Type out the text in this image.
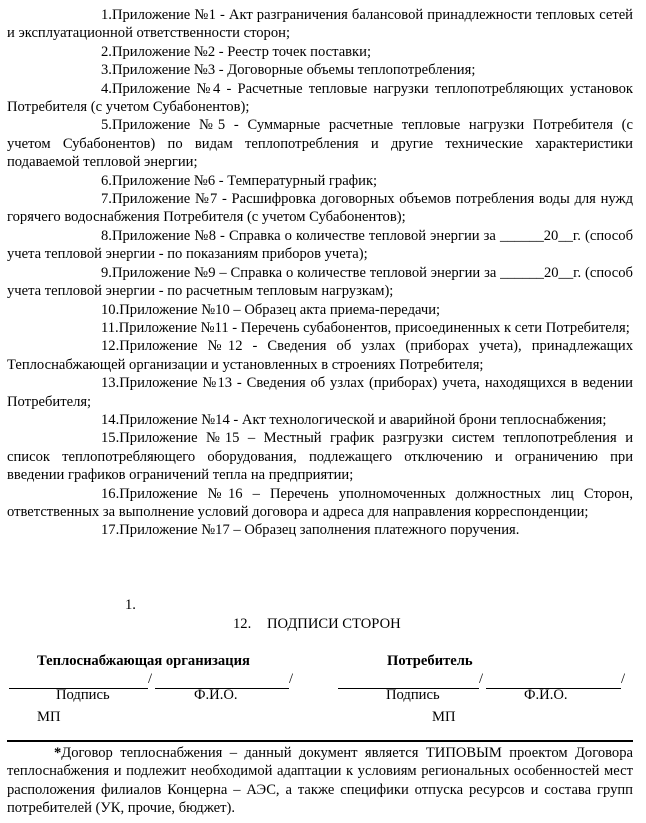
1.Приложение №1 - Акт разграничения балансовой принадлежности тепловых сетей и эксплуатационной ответственности сторон;

2.Приложение №2 - Реестр точек поставки;

3.Приложение №3 - Договорные объемы теплопотребления;

4.Приложение №4 - Расчетные тепловые нагрузки теплопотребляющих установок Потребителя (с учетом Субабонентов);

5.Приложение №5 - Суммарные расчетные тепловые нагрузки Потребителя (с учетом Субабонентов) по видам теплопотребления и другие технические характеристики подаваемой тепловой энергии;

6.Приложение №6 - Температурный график;

7.Приложение №7 - Расшифровка договорных объемов потребления воды для нужд горячего водоснабжения Потребителя (с учетом Субабонентов);

8.Приложение №8 - Справка о количестве тепловой энергии за ______20__г. (способ учета тепловой энергии - по показаниям приборов учета);

9.Приложение №9 – Справка о количестве тепловой энергии за ______20__г. (способ учета тепловой энергии - по расчетным тепловым нагрузкам);

10.Приложение №10 – Образец акта приема-передачи;

11.Приложение №11 - Перечень субабонентов, присоединенных к сети Потребителя;

12.Приложение №12 - Сведения об узлах (приборах учета), принадлежащих Теплоснабжающей организации и установленных в строениях Потребителя;

13.Приложение №13 - Сведения об узлах (приборах) учета, находящихся в ведении Потребителя;

14.Приложение №14 - Акт технологической и аварийной брони теплоснабжения;

15.Приложение №15 – Местный график разгрузки систем теплопотребления и список теплопотребляющего оборудования, подлежащего отключению и ограничению при введении графиков ограничений тепла на предприятии;

16.Приложение №16 – Перечень уполномоченных должностных лиц Сторон, ответственных за выполнение условий договора и адреса для направления корреспонденции;

17.Приложение №17 – Образец заполнения платежного поручения.

1.
12. ПОДПИСИ СТОРОН
Теплоснабжающая организация	Потребитель
/	/	/	/
Подпись	Ф.И.О.	Подпись	Ф.И.О.
МП	МП
*Договор теплоснабжения – данный документ является ТИПОВЫМ проектом Договора теплоснабжения и подлежит необходимой адаптации к условиям региональных особенностей мест расположения филиалов Концерна – АЭС, а также специфики отпуска ресурсов и состава групп потребителей (УК, прочие, бюджет).
